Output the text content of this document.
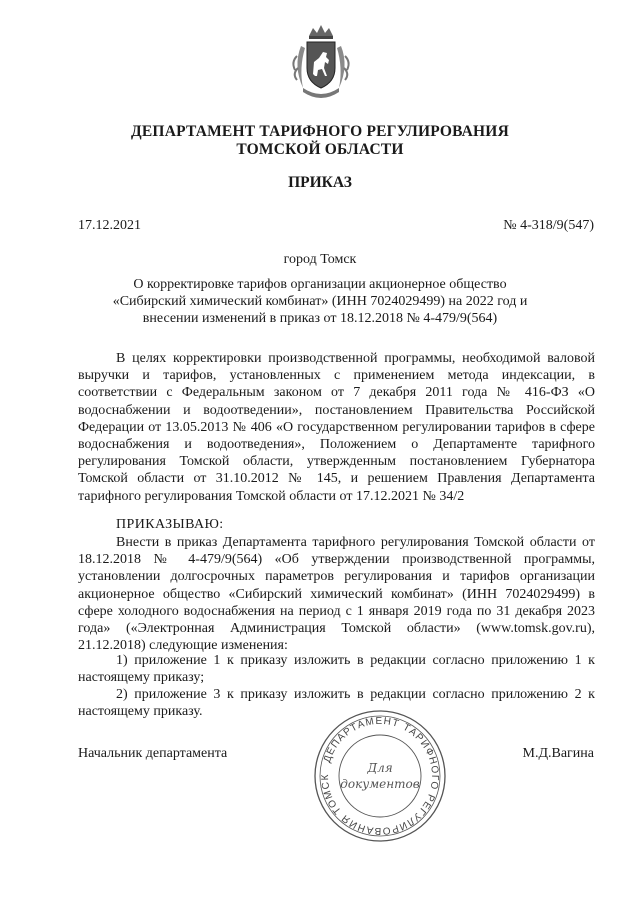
ДЕПАРТАМЕНТ ТАРИФНОГО РЕГУЛИРОВАНИЯ
ТОМСКОЙ ОБЛАСТИ
ПРИКАЗ
17.12.2021	№ 4-318/9(547)
город Томск
О корректировке тарифов организации акционерное общество «Сибирский химический комбинат» (ИНН 7024029499) на 2022 год и внесении изменений в приказ от 18.12.2018 № 4-479/9(564)

В целях корректировки производственной программы, необходимой валовой выручки и тарифов, установленных с применением метода индексации, в соответствии с Федеральным законом от 7 декабря 2011 года № 416-ФЗ «О водоснабжении и водоотведении», постановлением Правительства Российской Федерации от 13.05.2013 № 406 «О государственном регулировании тарифов в сфере водоснабжения и водоотведения», Положением о Департаменте тарифного регулирования Томской области, утвержденным постановлением Губернатора Томской области от 31.10.2012 № 145, и решением Правления Департамента тарифного регулирования Томской области от 17.12.2021 № 34/2

ПРИКАЗЫВАЮ:

Внести в приказ Департамента тарифного регулирования Томской области от 18.12.2018 № 4-479/9(564) «Об утверждении производственной программы, установлении долгосрочных параметров регулирования и тарифов организации акционерное общество «Сибирский химический комбинат» (ИНН 7024029499) в сфере холодного водоснабжения на период с 1 января 2019 года по 31 декабря 2023 года» («Электронная Администрация Томской области» (www.tomsk.gov.ru), 21.12.2018) следующие изменения:

1) приложение 1 к приказу изложить в редакции согласно приложению 1 к настоящему приказу;

2) приложение 3 к приказу изложить в редакции согласно приложению 2 к настоящему приказу.

Начальник департамента	М.Д.Вагина
ДЕПАРТАМЕНТ ТАРИФНОГО РЕГУЛИРОВАНИЯ ТОМСК
Для
документов
